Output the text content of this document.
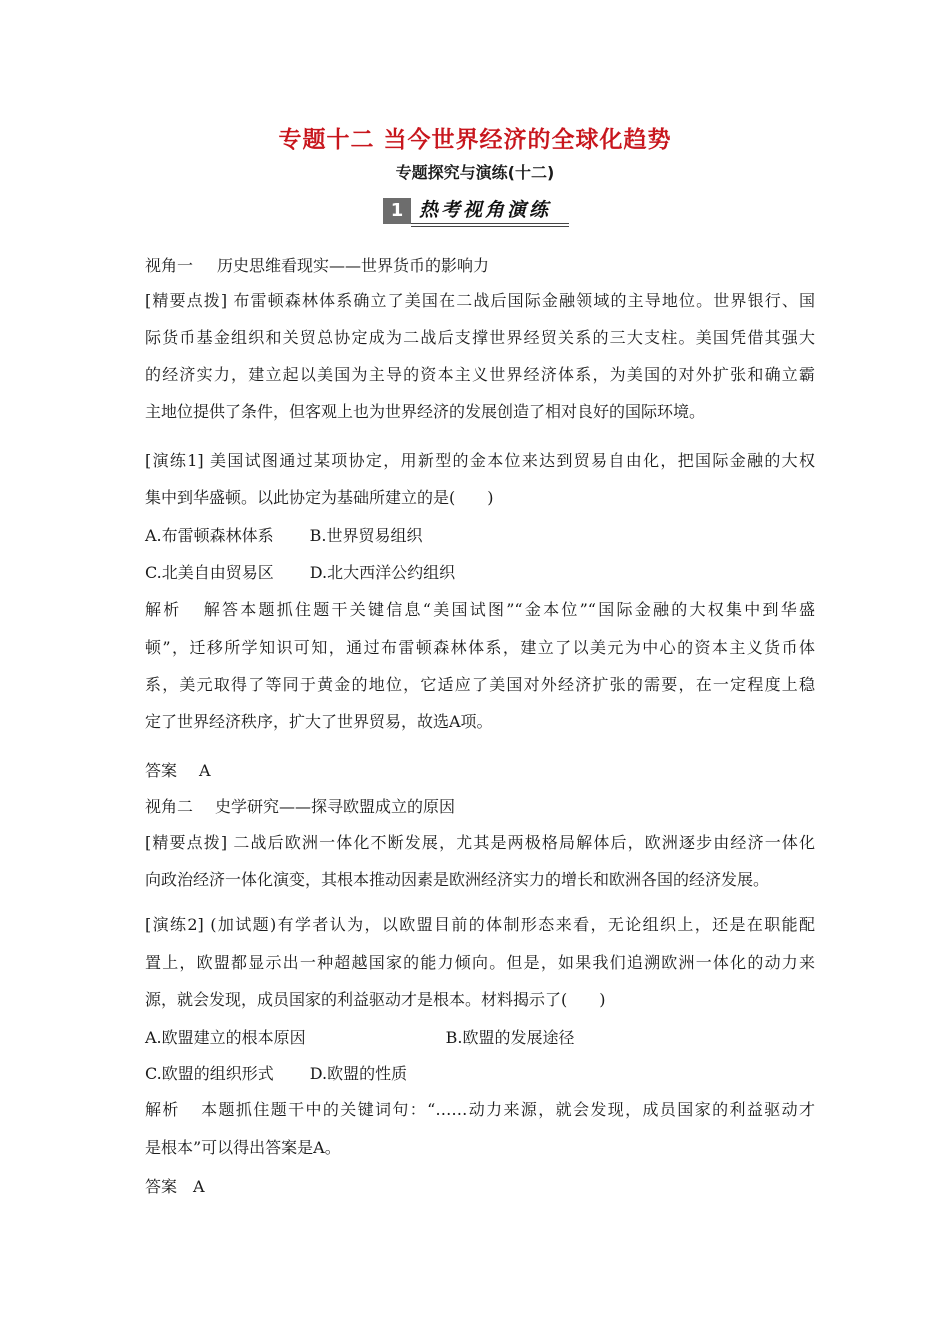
专题十二 当今世界经济的全球化趋势
专题探究与演练(十二)
1 热考视角演练
视角一 历史思维看现实——世界货币的影响力
[精要点拨] 布雷顿森林体系确立了美国在二战后国际金融领域的主导地位。世界银行、国
际货币基金组织和关贸总协定成为二战后支撑世界经贸关系的三大支柱。美国凭借其强大
的经济实力，建立起以美国为主导的资本主义世界经济体系，为美国的对外扩张和确立霸
主地位提供了条件，但客观上也为世界经济的发展创造了相对良好的国际环境。
[演练1] 美国试图通过某项协定，用新型的金本位来达到贸易自由化，把国际金融的大权
集中到华盛顿。以此协定为基础所建立的是(　　)
A.布雷顿森林体系 B.世界贸易组织
C.北美自由贸易区 D.北大西洋公约组织
解析 解答本题抓住题干关键信息“美国试图”“金本位”“国际金融的大权集中到华盛
顿”，迁移所学知识可知，通过布雷顿森林体系，建立了以美元为中心的资本主义货币体
系，美元取得了等同于黄金的地位，它适应了美国对外经济扩张的需要，在一定程度上稳
定了世界经济秩序，扩大了世界贸易，故选A项。
答案 A
视角二 史学研究——探寻欧盟成立的原因
[精要点拨] 二战后欧洲一体化不断发展，尤其是两极格局解体后，欧洲逐步由经济一体化
向政治经济一体化演变，其根本推动因素是欧洲经济实力的增长和欧洲各国的经济发展。
[演练2] (加试题)有学者认为，以欧盟目前的体制形态来看，无论组织上，还是在职能配
置上，欧盟都显示出一种超越国家的能力倾向。但是，如果我们追溯欧洲一体化的动力来
源，就会发现，成员国家的利益驱动才是根本。材料揭示了(　　)
A.欧盟建立的根本原因	B.欧盟的发展途径
C.欧盟的组织形式 D.欧盟的性质
解析 本题抓住题干中的关键词句：“……动力来源，就会发现，成员国家的利益驱动才
是根本”可以得出答案是A。
答案 A
